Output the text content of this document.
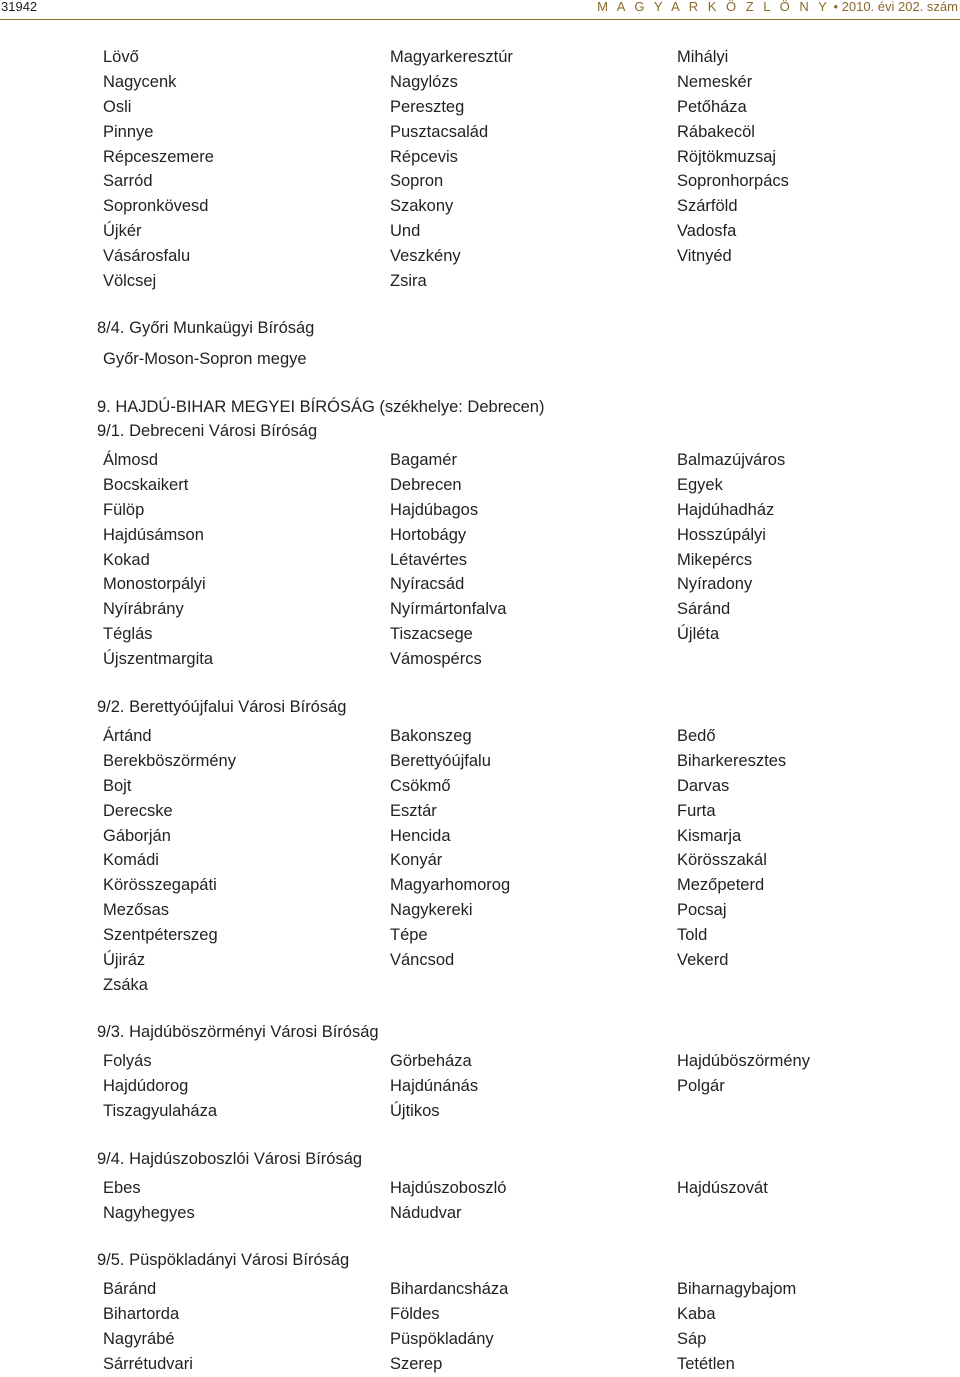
31942	M A G Y A R K Ö Z L Ö N Y • 2010. évi 202. szám
Lövő	Magyarkeresztúr	Mihályi
Nagycenk	Nagylózs	Nemeskér
Osli	Pereszteg	Petőháza
Pinnye	Pusztacsalád	Rábakecöl
Répceszemere	Répcevis	Röjtökmuzsaj
Sarród	Sopron	Sopronhorpács
Sopronkövesd	Szakony	Szárföld
Újkér	Und	Vadosfa
Vásárosfalu	Veszkény	Vitnyéd
Völcsej	Zsira
8/4. Győri Munkaügyi Bíróság
Győr-Moson-Sopron megye
9. HAJDÚ-BIHAR MEGYEI BÍRÓSÁG (székhelye: Debrecen)
9/1. Debreceni Városi Bíróság
Álmosd	Bagamér	Balmazújváros
Bocskaikert	Debrecen	Egyek
Fülöp	Hajdúbagos	Hajdúhadház
Hajdúsámson	Hortobágy	Hosszúpályi
Kokad	Létavértes	Mikepércs
Monostorpályi	Nyíracsád	Nyíradony
Nyírábrány	Nyírmártonfalva	Sáránd
Téglás	Tiszacsege	Újléta
Újszentmargita	Vámospércs
9/2. Berettyóújfalui Városi Bíróság
Ártánd	Bakonszeg	Bedő
Berekböszörmény	Berettyóújfalu	Biharkeresztes
Bojt	Csökmő	Darvas
Derecske	Esztár	Furta
Gáborján	Hencida	Kismarja
Komádi	Konyár	Körösszakál
Körösszegapáti	Magyarhomorog	Mezőpeterd
Mezősas	Nagykereki	Pocsaj
Szentpéterszeg	Tépe	Told
Újiráz	Váncsod	Vekerd
Zsáka
9/3. Hajdúböszörményi Városi Bíróság
Folyás	Görbeháza	Hajdúböszörmény
Hajdúdorog	Hajdúnánás	Polgár
Tiszagyulaháza	Újtikos
9/4. Hajdúszoboszlói Városi Bíróság
Ebes	Hajdúszoboszló	Hajdúszovát
Nagyhegyes	Nádudvar
9/5. Püspökladányi Városi Bíróság
Báránd	Bihardancsháza	Biharnagybajom
Bihartorda	Földes	Kaba
Nagyrábé	Püspökladány	Sáp
Sárrétudvari	Szerep	Tetétlen
